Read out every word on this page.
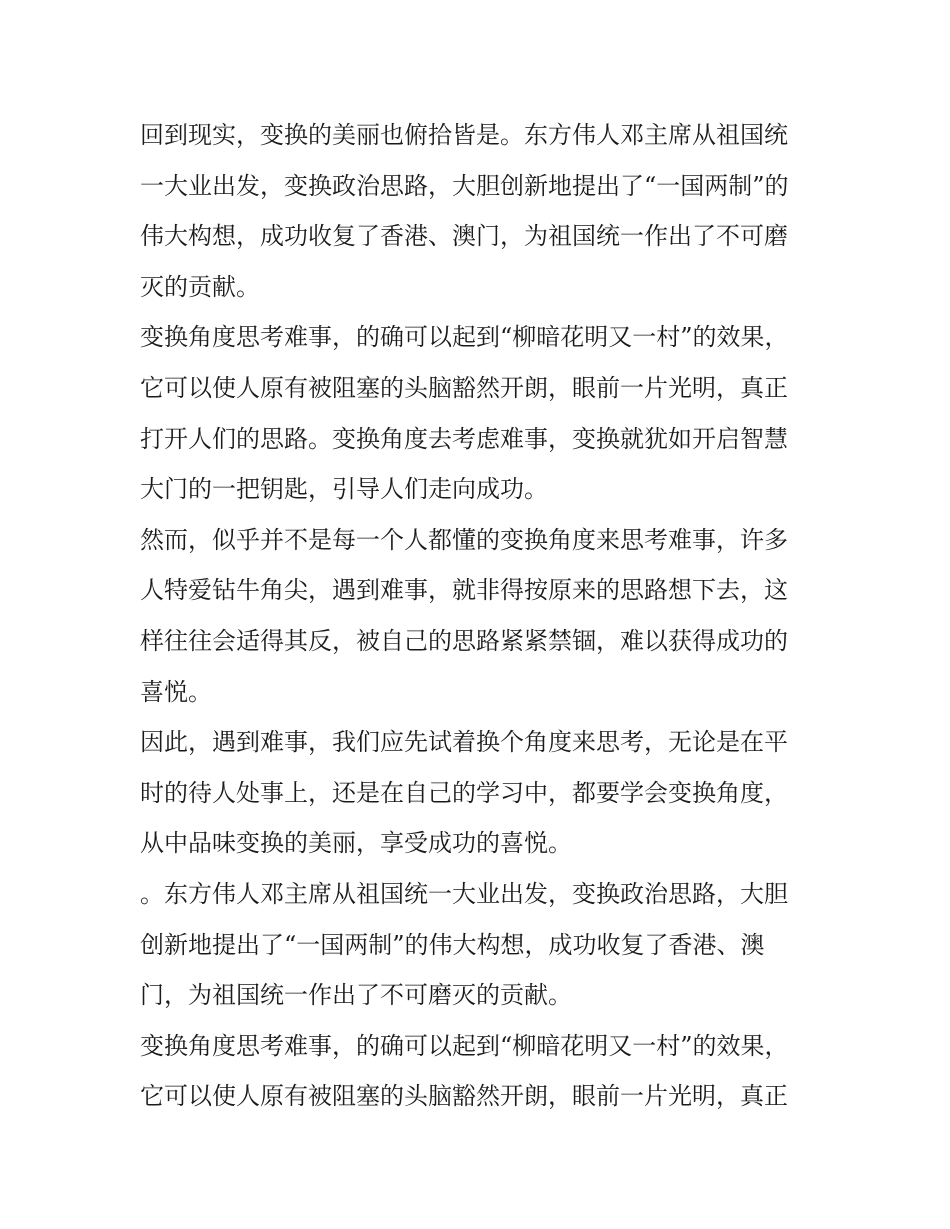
回到现实，变换的美丽也俯拾皆是。东方伟人邓主席从祖国统
一大业出发，变换政治思路，大胆创新地提出了“一国两制”的
伟大构想，成功收复了香港、澳门，为祖国统一作出了不可磨
灭的贡献。
变换角度思考难事，的确可以起到“柳暗花明又一村”的效果，
它可以使人原有被阻塞的头脑豁然开朗，眼前一片光明，真正
打开人们的思路。变换角度去考虑难事，变换就犹如开启智慧
大门的一把钥匙，引导人们走向成功。
然而，似乎并不是每一个人都懂的变换角度来思考难事，许多
人特爱钻牛角尖，遇到难事，就非得按原来的思路想下去，这
样往往会适得其反，被自己的思路紧紧禁锢，难以获得成功的
喜悦。
因此，遇到难事，我们应先试着换个角度来思考，无论是在平
时的待人处事上，还是在自己的学习中，都要学会变换角度，
从中品味变换的美丽，享受成功的喜悦。
。东方伟人邓主席从祖国统一大业出发，变换政治思路，大胆
创新地提出了“一国两制”的伟大构想，成功收复了香港、澳
门，为祖国统一作出了不可磨灭的贡献。
变换角度思考难事，的确可以起到“柳暗花明又一村”的效果，
它可以使人原有被阻塞的头脑豁然开朗，眼前一片光明，真正
